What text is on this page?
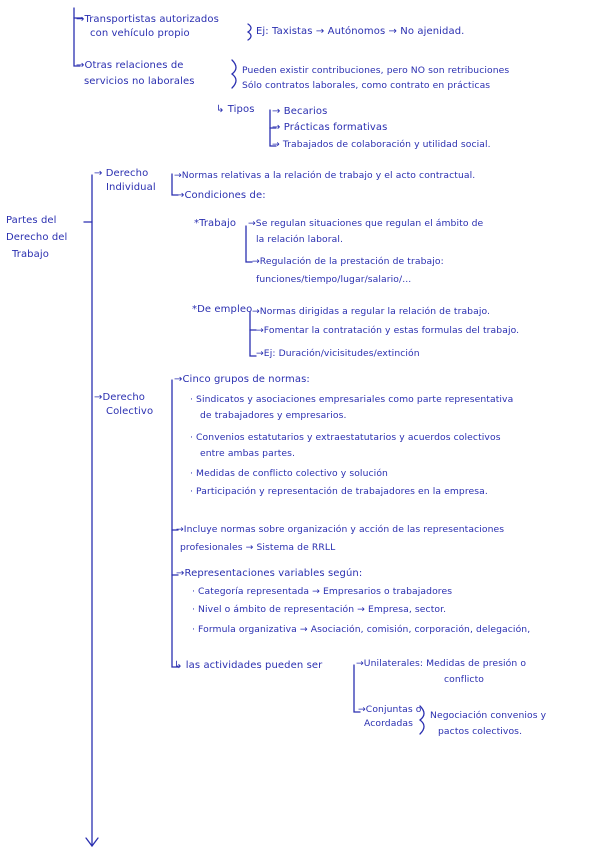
→Transportistas autorizados
con vehículo propio	Ej: Taxistas → Autónomos → No ajenidad.
→Otras relaciones de
servicios no laborales
Pueden existir contribuciones, pero NO son retribuciones
Sólo contratos laborales, como contrato en prácticas
↳ Tipos → Becarios
→ Prácticas formativas
→ Trabajados de colaboración y utilidad social.
Partes del
Derecho del
Trabajo
→ Derecho
Individual
→Normas relativas a la relación de trabajo y el acto contractual.
→Condiciones de:
*Trabajo →Se regulan situaciones que regulan el ámbito de
la relación laboral.
→Regulación de la prestación de trabajo:
funciones/tiempo/lugar/salario/...
*De empleo →Normas dirigidas a regular la relación de trabajo.
→Fomentar la contratación y estas formulas del trabajo.
→Ej: Duración/vicisitudes/extinción
→Derecho
Colectivo
→Cinco grupos de normas:
· Sindicatos y asociaciones empresariales como parte representativa
de trabajadores y empresarios.
· Convenios estatutarios y extraestatutarios y acuerdos colectivos
entre ambas partes.
· Medidas de conflicto colectivo y solución
· Participación y representación de trabajadores en la empresa.
→Incluye normas sobre organización y acción de las representaciones
profesionales → Sistema de RRLL
→Representaciones variables según:
· Categoría representada → Empresarios o trabajadores
· Nivel o ámbito de representación → Empresa, sector.
· Formula organizativa → Asociación, comisión, corporación, delegación,
↳ las actividades pueden ser	→Unilaterales: Medidas de presión o
conflicto
→Conjuntas o
Acordadas
Negociación convenios y
pactos colectivos.
